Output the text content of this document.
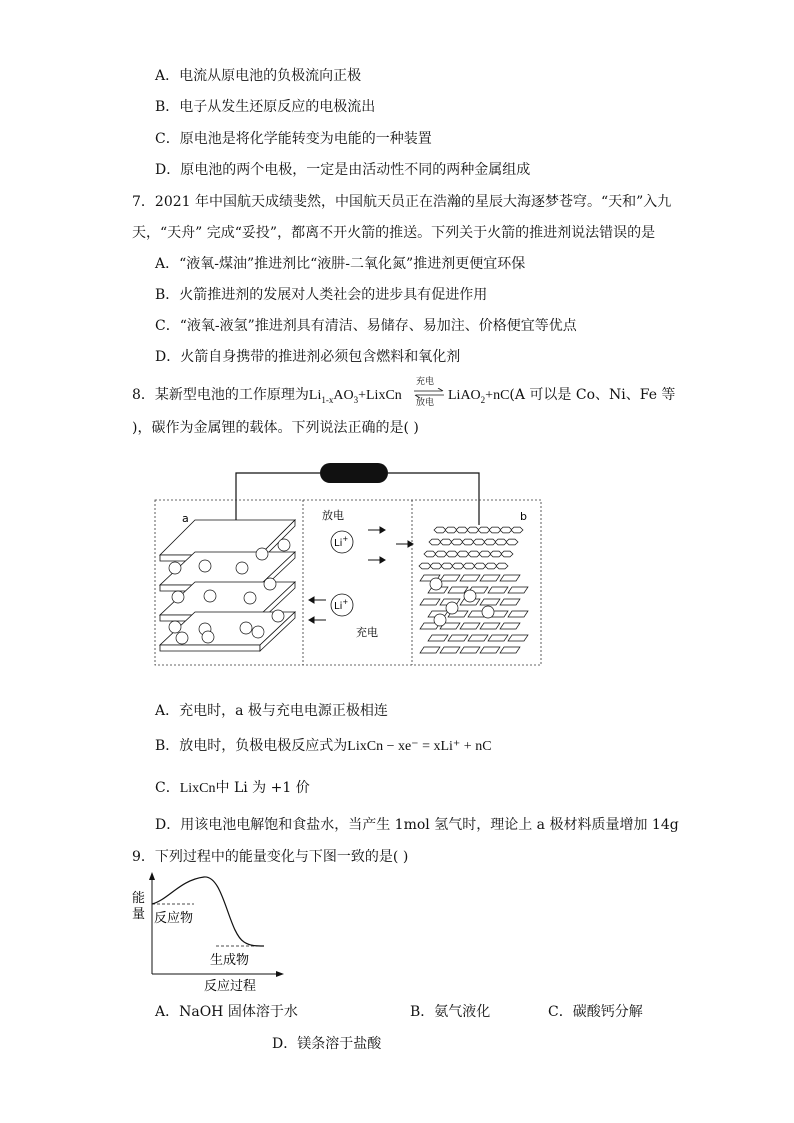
A．电流从原电池的负极流向正极
B．电子从发生还原反应的电极流出
C．原电池是将化学能转变为电能的一种装置
D．原电池的两个电极，一定是由活动性不同的两种金属组成
7．2021 年中国航天成绩斐然，中国航天员正在浩瀚的星辰大海逐梦苍穹。“天和”入九
天，“天舟” 完成“妥投”，都离不开火箭的推送。下列关于火箭的推进剂说法错误的是
A．“液氧-煤油”推进剂比“液肼-二氧化氮”推进剂更便宜环保
B．火箭推进剂的发展对人类社会的进步具有促进作用
C．“液氧-液氢”推进剂具有清洁、易储存、易加注、价格便宜等优点
D．火箭自身携带的推进剂必须包含燃料和氧化剂
8．某新型电池的工作原理为$Li_{1-x}AO_3+LixCn$
充电
放电 LiAO$_2$+nC(A 可以是 Co、Ni、Fe 等
)，碳作为金属锂的载体。下列说法正确的是( )
a	b
放电
Li+
Li+
充电
A．充电时，a 极与充电电源正极相连
B．放电时，负极电极反应式为LixCn − xe⁻ = xLi⁺ + nC
C．LixCn中 Li 为 +1 价
D．用该电池电解饱和食盐水，当产生 1mol 氢气时，理论上 a 极材料质量增加 14g
9．下列过程中的能量变化与下图一致的是( )
能
量 反应物
生成物
反应过程
A．NaOH 固体溶于水	B．氨气液化	C．碳酸钙分解
D．镁条溶于盐酸
